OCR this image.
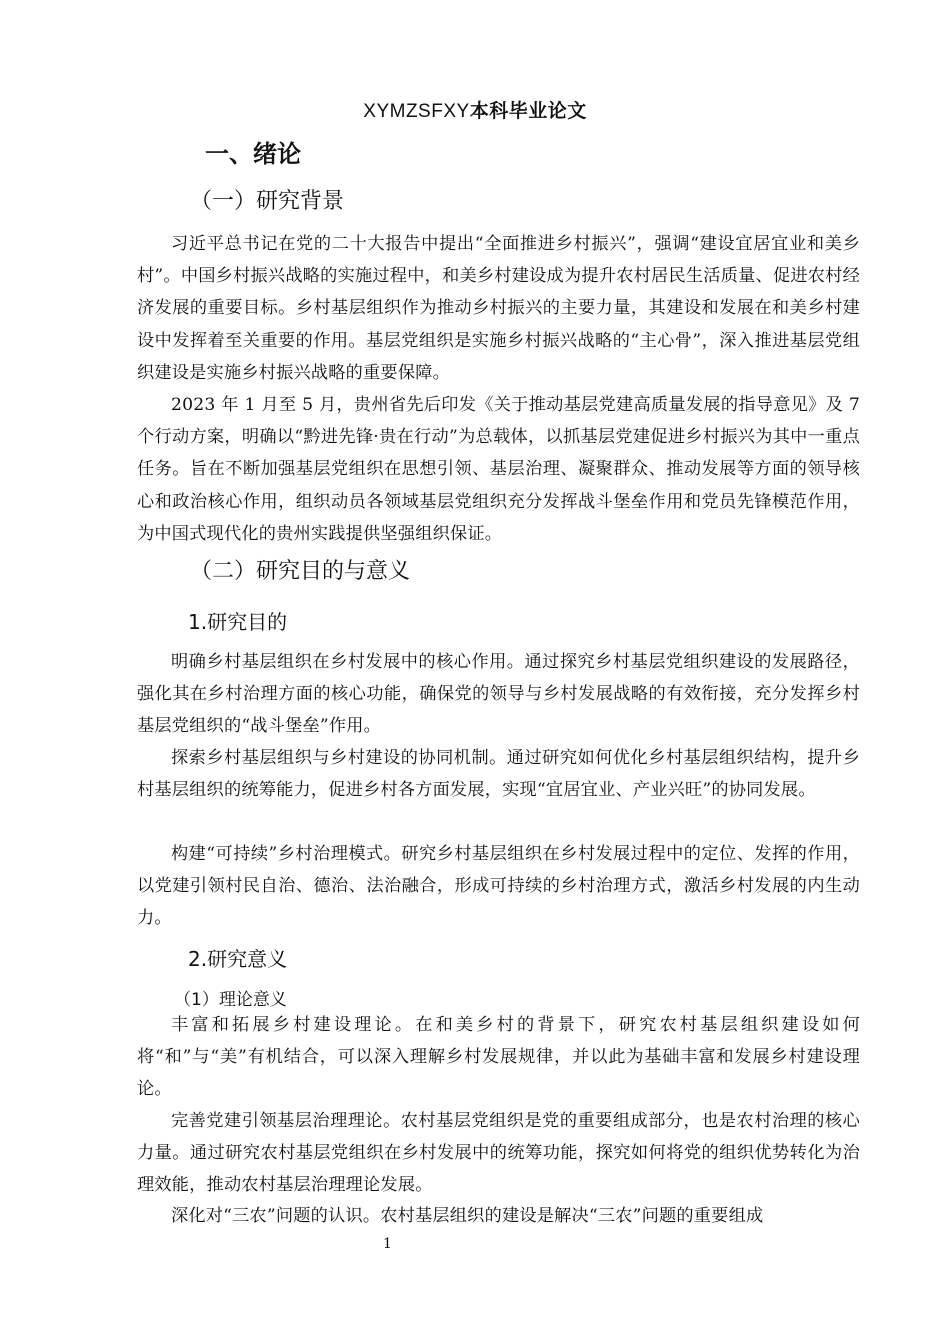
XYMZSFXY本科毕业论文
一、绪论
（一）研究背景
习近平总书记在党的二十大报告中提出“全面推进乡村振兴”，强调“建设宜居宜业和美乡村”。中国乡村振兴战略的实施过程中，和美乡村建设成为提升农村居民生活质量、促进农村经济发展的重要目标。乡村基层组织作为推动乡村振兴的主要力量，其建设和发展在和美乡村建设中发挥着至关重要的作用。基层党组织是实施乡村振兴战略的“主心骨”，深入推进基层党组织建设是实施乡村振兴战略的重要保障。
2023 年 1 月至 5 月，贵州省先后印发《关于推动基层党建高质量发展的指导意见》及 7 个行动方案，明确以“黔进先锋·贵在行动”为总载体，以抓基层党建促进乡村振兴为其中一重点任务。旨在不断加强基层党组织在思想引领、基层治理、凝聚群众、推动发展等方面的领导核心和政治核心作用，组织动员各领域基层党组织充分发挥战斗堡垒作用和党员先锋模范作用，为中国式现代化的贵州实践提供坚强组织保证。
（二）研究目的与意义
1.研究目的
明确乡村基层组织在乡村发展中的核心作用。通过探究乡村基层党组织建设的发展路径，强化其在乡村治理方面的核心功能，确保党的领导与乡村发展战略的有效衔接，充分发挥乡村基层党组织的“战斗堡垒”作用。
探索乡村基层组织与乡村建设的协同机制。通过研究如何优化乡村基层组织结构，提升乡村基层组织的统筹能力，促进乡村各方面发展，实现“宜居宜业、产业兴旺”的协同发展。
构建“可持续”乡村治理模式。研究乡村基层组织在乡村发展过程中的定位、发挥的作用，以党建引领村民自治、德治、法治融合，形成可持续的乡村治理方式，激活乡村发展的内生动力。
2.研究意义
（1）理论意义
丰富和拓展乡村建设理论。在和美乡村的背景下，研究农村基层组织建设如何将“和”与“美”有机结合，可以深入理解乡村发展规律，并以此为基础丰富和发展乡村建设理论。
完善党建引领基层治理理论。农村基层党组织是党的重要组成部分，也是农村治理的核心力量。通过研究农村基层党组织在乡村发展中的统筹功能，探究如何将党的组织优势转化为治理效能，推动农村基层治理理论发展。
深化对“三农”问题的认识。农村基层组织的建设是解决“三农”问题的重要组成
1
